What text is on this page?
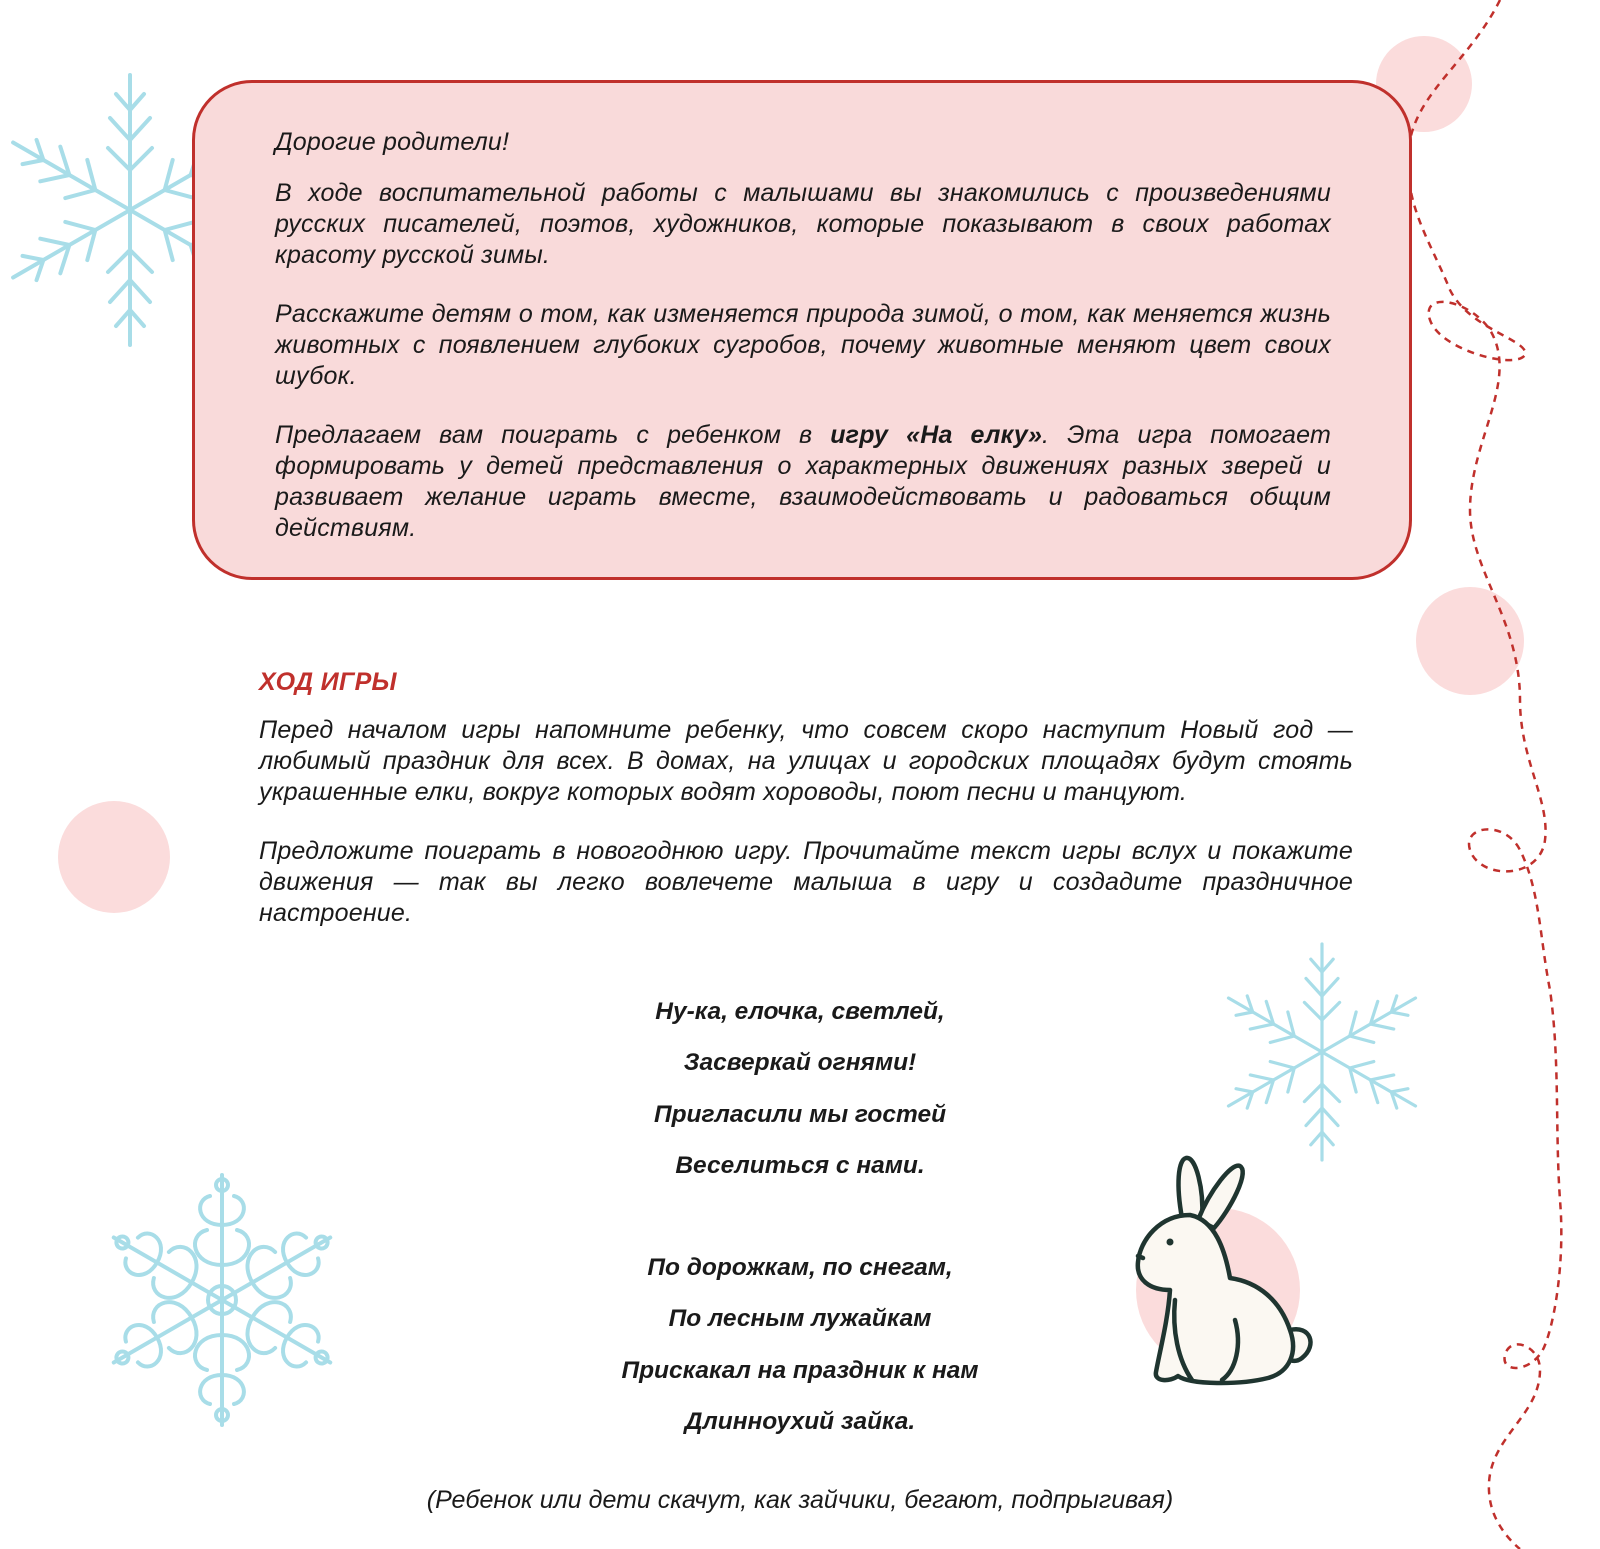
Дорогие родители!

В ходе воспитательной работы с малышами вы знакомились с произведениями русских писателей, поэтов, художников, которые показывают в своих работах красоту русской зимы.

Расскажите детям о том, как изменяется природа зимой, о том, как меняется жизнь животных с появлением глубоких сугробов, почему животные меняют цвет своих шубок.

Предлагаем вам поиграть с ребенком в игру «На елку». Эта игра помогает формировать у детей представления о характерных движениях разных зверей и развивает желание играть вместе, взаимодействовать и радоваться общим действиям.

ХОД ИГРЫ

Перед началом игры напомните ребенку, что совсем скоро наступит Новый год — любимый праздник для всех. В домах, на улицах и городских площадях будут стоять украшенные елки, вокруг которых водят хороводы, поют песни и танцуют.

Предложите поиграть в новогоднюю игру. Прочитайте текст игры вслух и покажите движения — так вы легко вовлечете малыша в игру и создадите праздничное настроение.

Ну-ка, елочка, светлей,
Засверкай огнями!
Пригласили мы гостей
Веселиться с нами.
По дорожкам, по снегам,
По лесным лужайкам
Прискакал на праздник к нам
Длинноухий зайка.
(Ребенок или дети скачут, как зайчики, бегают, подпрыгивая)
